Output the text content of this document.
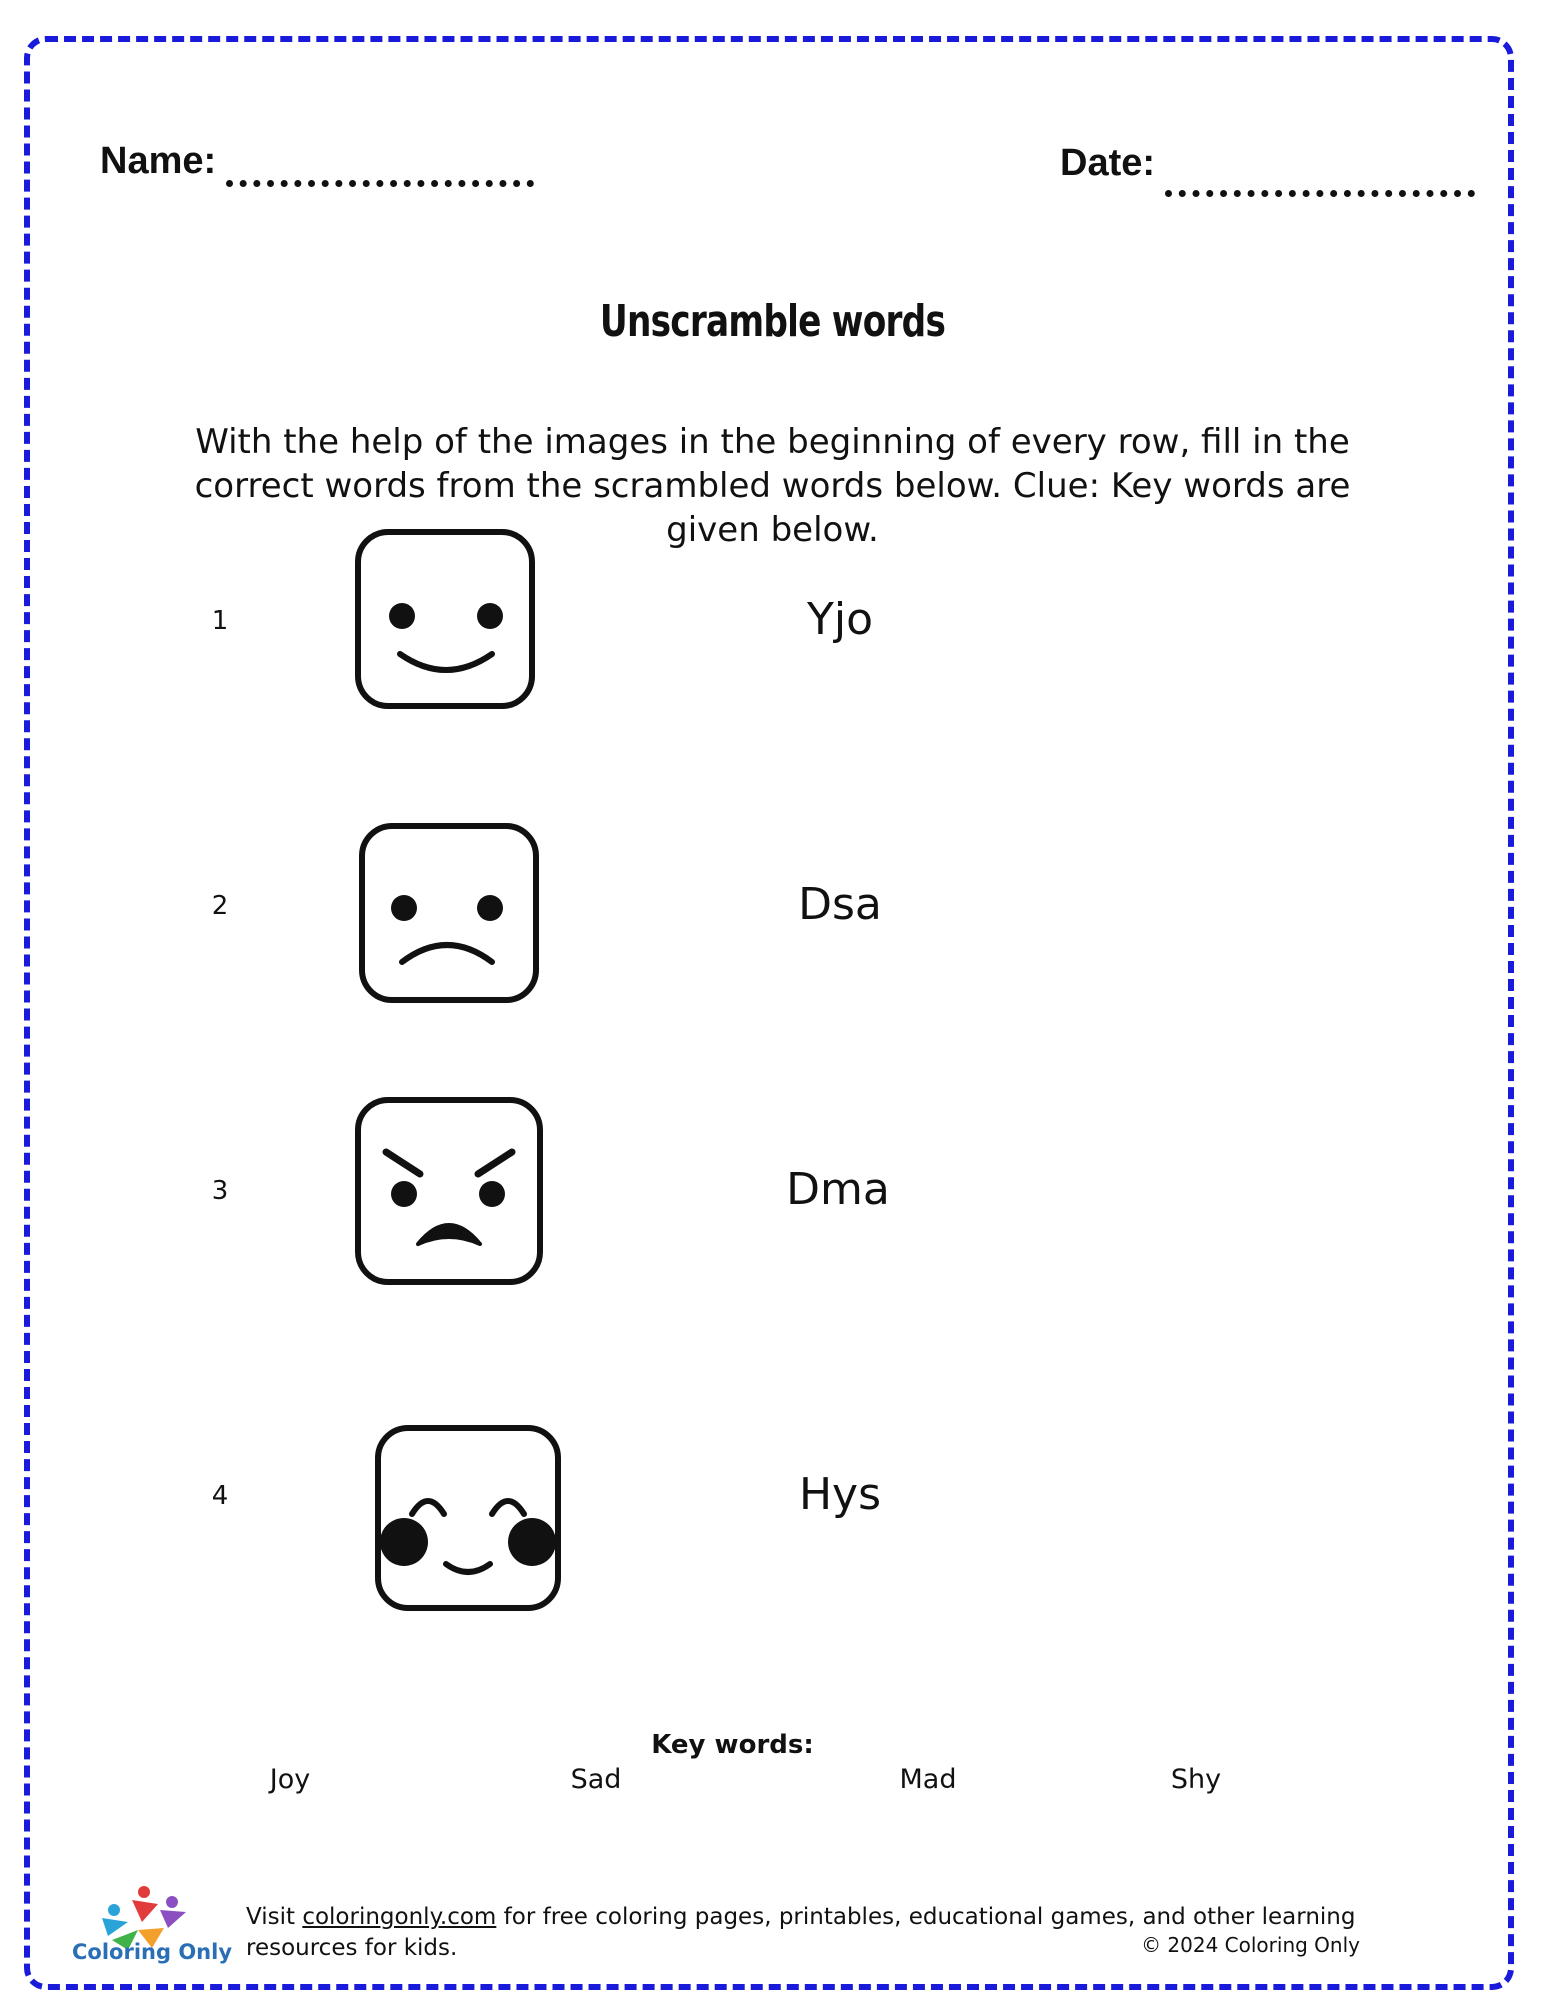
Name:	Date:
Unscramble words
With the help of the images in the beginning of every row, fill in the correct words from the scrambled words below. Clue: Key words are given below.
1	Yjo
2	Dsa
3	Dma
4	Hys
Key words:
Joy	Sad	Mad	Shy
Coloring Only
Visit coloringonly.com for free coloring pages, printables, educational games, and other learning resources for kids.	© 2024 Coloring Only
